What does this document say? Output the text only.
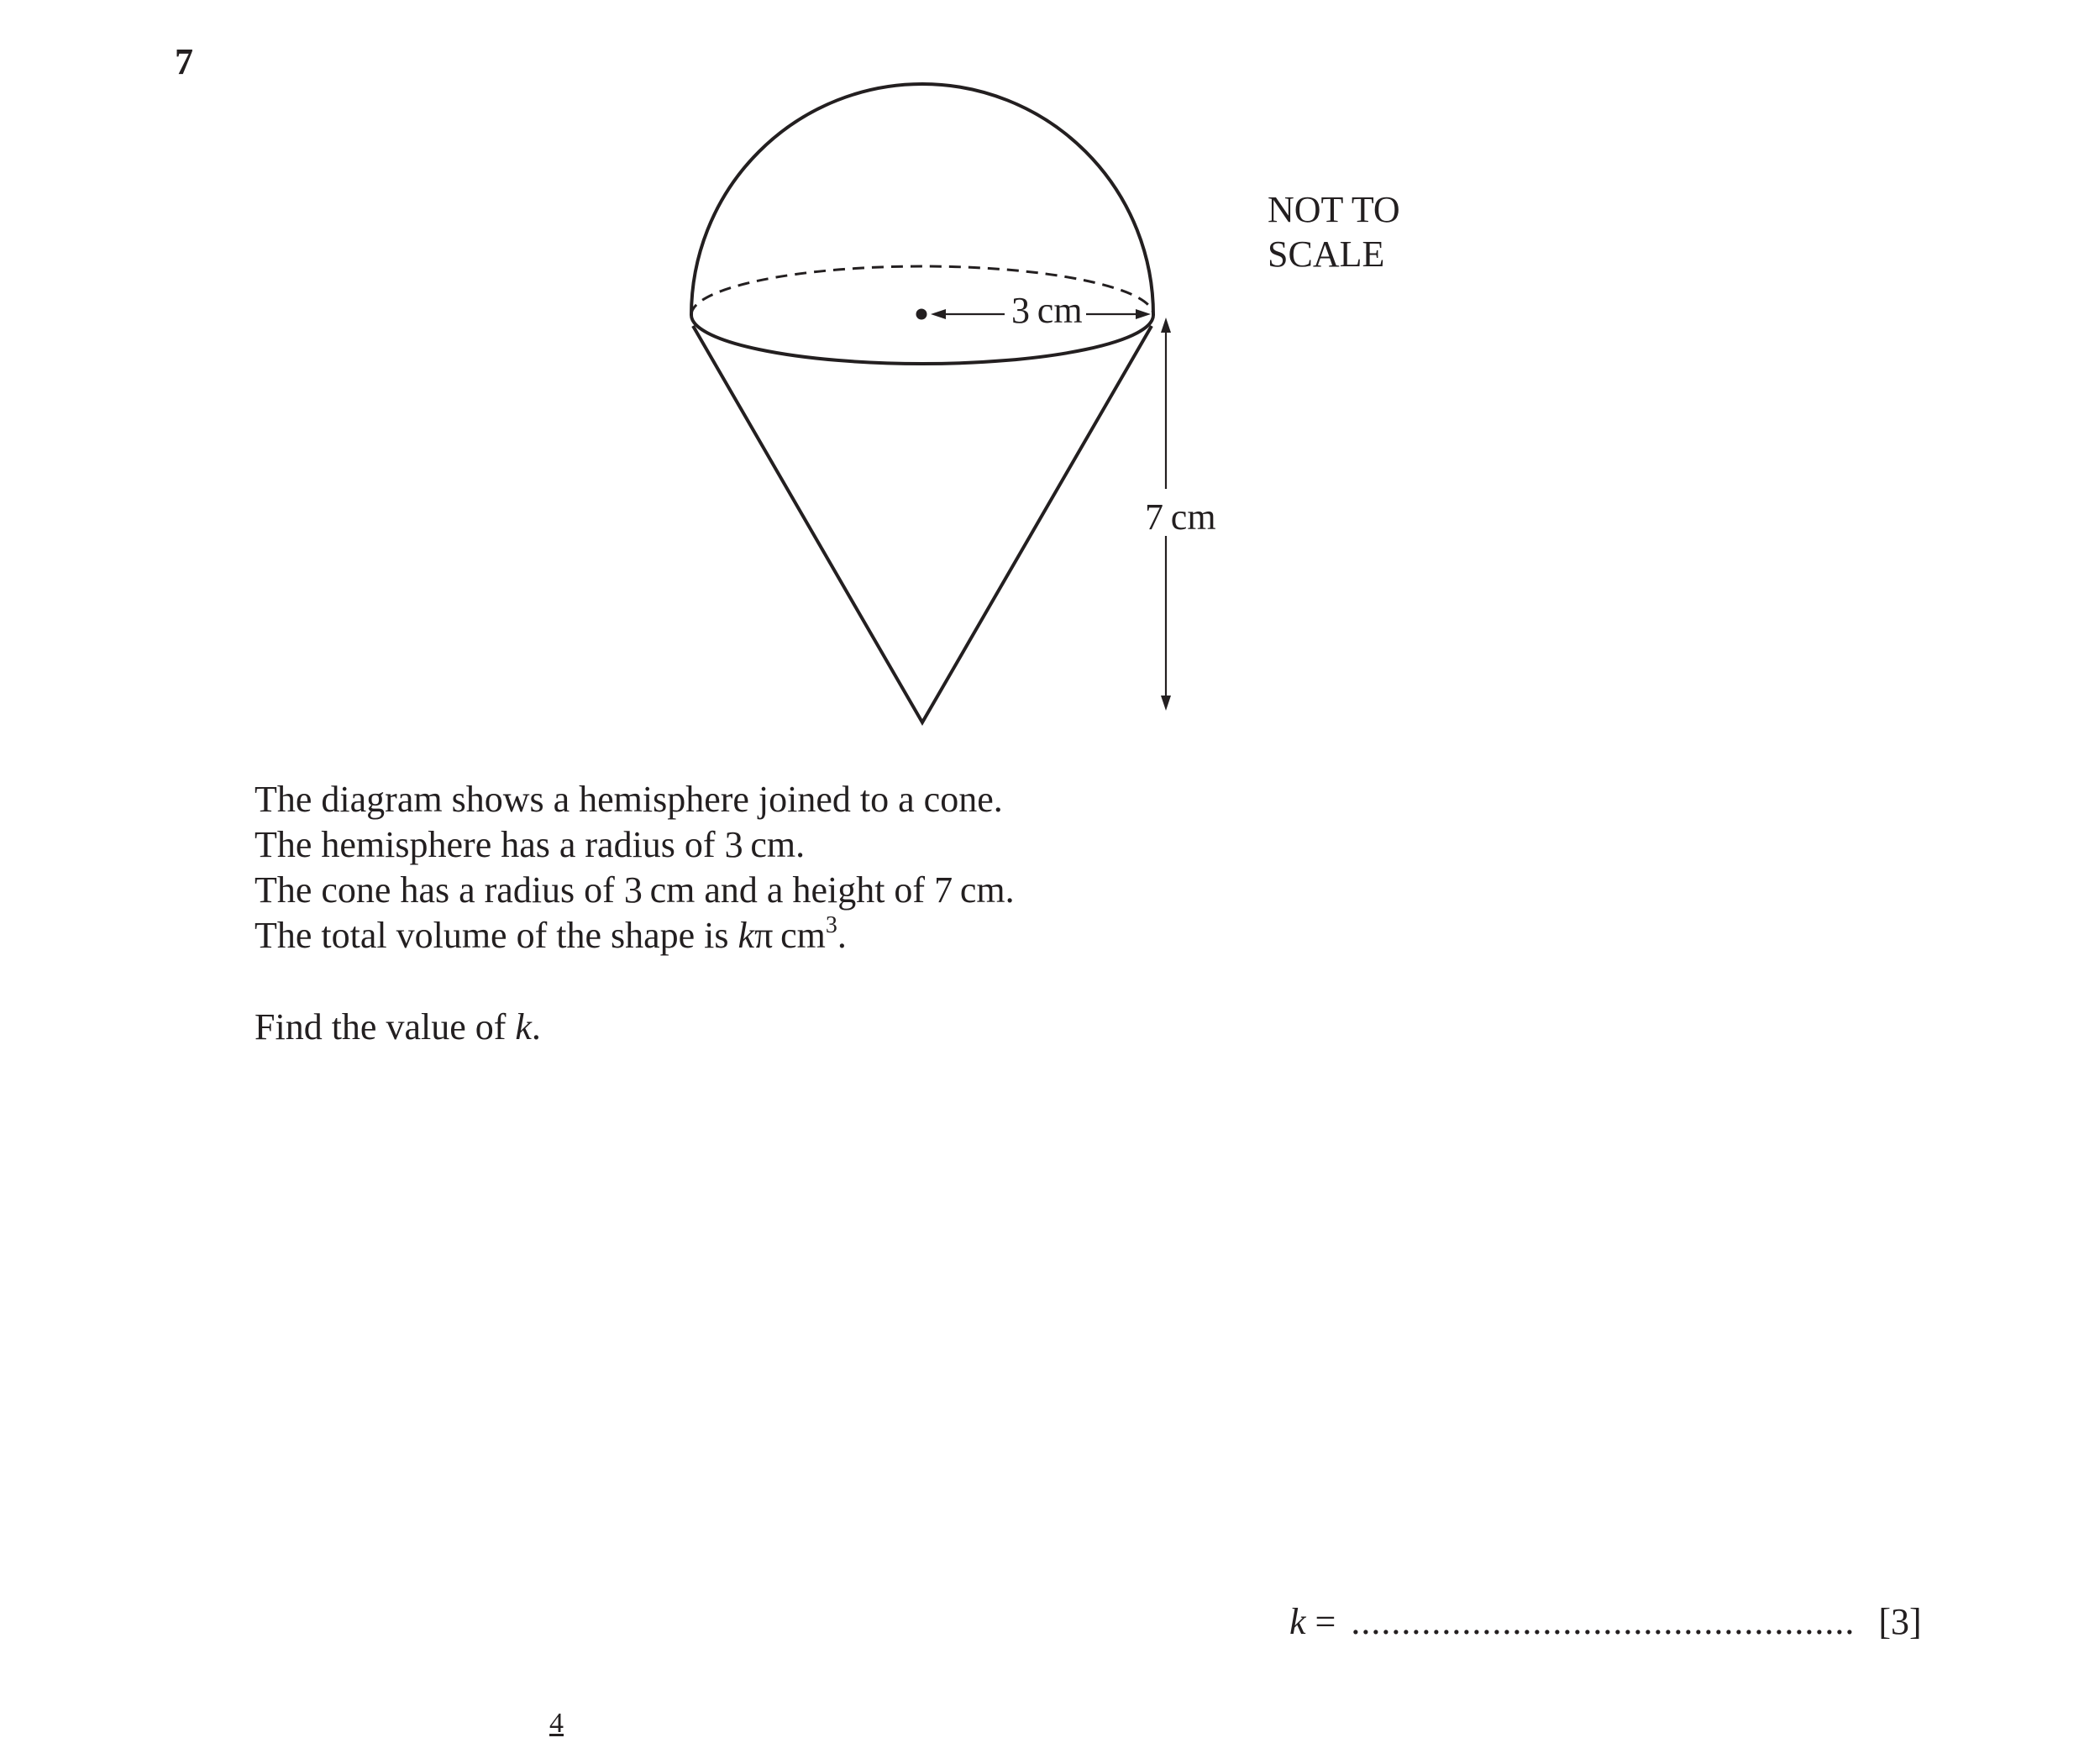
7
3 cm
7 cm
NOT TO
SCALE

The diagram shows a hemisphere joined to a cone.

The hemisphere has a radius of 3 cm.

The cone has a radius of 3 cm and a height of 7 cm.

The total volume of the shape is kπ $cm^3$.

Find the value of k.

k = .................................................. [3]
4
